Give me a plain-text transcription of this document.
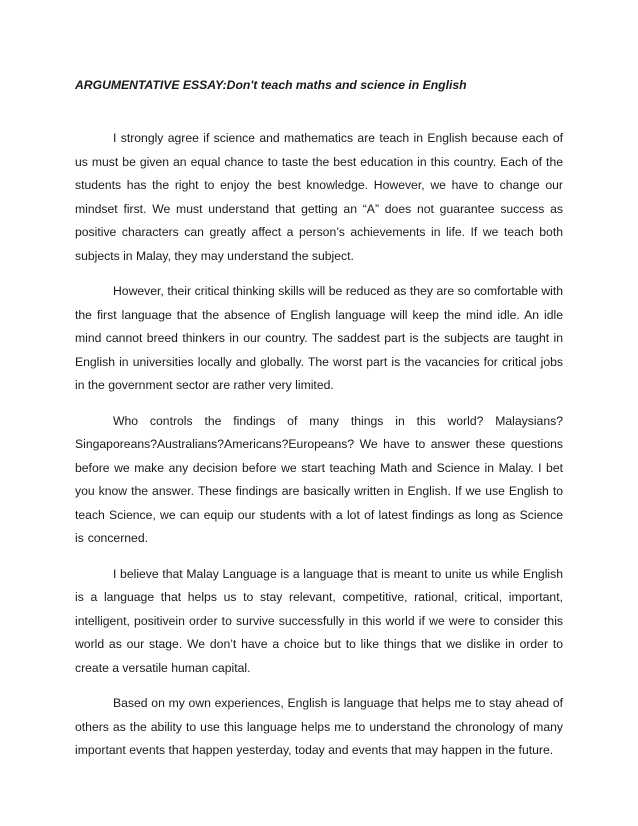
ARGUMENTATIVE ESSAY:Don't teach maths and science in English

I strongly agree if science and mathematics are teach in English because each of us must be given an equal chance to taste the best education in this country. Each of the students has the right to enjoy the best knowledge. However, we have to change our mindset first. We must understand that getting an “A” does not guarantee success as positive characters can greatly affect a person’s achievements in life. If we teach both subjects in Malay, they may understand the subject.

However, their critical thinking skills will be reduced as they are so comfortable with the first language that the absence of English language will keep the mind idle. An idle mind cannot breed thinkers in our country. The saddest part is the subjects are taught in English in universities locally and globally. The worst part is the vacancies for critical jobs in the government sector are rather very limited.

Who controls the findings of many things in this world? Malaysians?Singaporeans?Australians?Americans?Europeans? We have to answer these questions before we make any decision before we start teaching Math and Science in Malay. I bet you know the answer. These findings are basically written in English. If we use English to teach Science, we can equip our students with a lot of latest findings as long as Science is concerned.

I believe that Malay Language is a language that is meant to unite us while English is a language that helps us to stay relevant, competitive, rational, critical, important, intelligent, positivein order to survive successfully in this world if we were to consider this world as our stage. We don’t have a choice but to like things that we dislike in order to create a versatile human capital.

Based on my own experiences, English is language that helps me to stay ahead of others as the ability to use this language helps me to understand the chronology of many important events that happen yesterday, today and events that may happen in the future.
